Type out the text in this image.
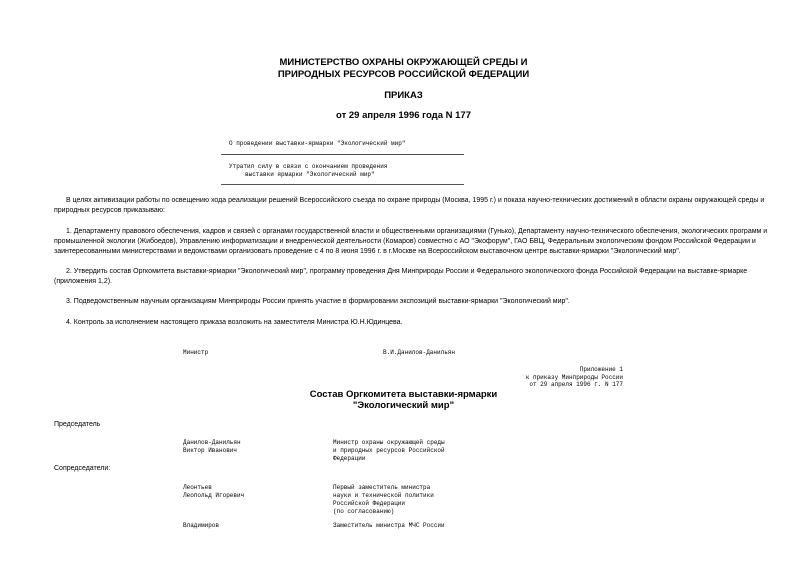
МИНИСТЕРСТВО ОХРАНЫ ОКРУЖАЮЩЕЙ СРЕДЫ И
ПРИРОДНЫХ РЕСУРСОВ РОССИЙСКОЙ ФЕДЕРАЦИИ
ПРИКАЗ
от 29 апреля 1996 года N 177
О проведении выставки-ярмарки "Экологический мир"
Утратил силу в связи с окончанием проведения
выставки ярмарки "Экологический мир"
В целях активизации работы по освещению хода реализации решений Всероссийского съезда по охране природы (Москва, 1995 г.) и показа научно-технических достижений в области охраны окружающей среды и природных ресурсов приказываю:
1. Департаменту правового обеспечения, кадров и связей с органами государственной власти и общественными организациями (Гунько), Департаменту научно-технического обеспечения, экологических программ и промышленной экологии (Жибоедов), Управлению информатизации и внедренческой деятельности (Комаров) совместно с АО "Экофорум", ГАО БВЦ, Федеральным экологическим фондом Российской Федерации и заинтересованными министерствами и ведомствами организовать проведение с 4 по 8 июня 1996 г. в г.Москве на Всероссийском выставочном центре выставки-ярмарки "Экологический мир".
2. Утвердить состав Оргкомитета выставки-ярмарки "Экологический мир", программу проведения Дня Минприроды России и Федерального экологического фонда Российской Федерации на выставке-ярмарке (приложения 1,2).
3. Подведомственным научным организациям Минприроды России принять участие в формировании экспозиций выставки-ярмарки "Экологический мир".
4. Контроль за исполнением настоящего приказа возложить на заместителя Министра Ю.Н.Юдинцева.
Министр	В.И.Данилов-Данильян
Приложение 1
к приказу Минприроды России
от 29 апреля 1996 г. N 177
Состав Оргкомитета выставки-ярмарки
"Экологический мир"
Председатель
Данилов-Данильян
Виктор Иванович
Министр охраны окружающей среды
и природных ресурсов Российской
Федерации
Сопредседатели:
Леонтьев
Леопольд Игоревич
Первый заместитель министра
науки и технической политики
Российской Федерации
(по согласованию)
Владимиров	Заместитель министра МЧС России
